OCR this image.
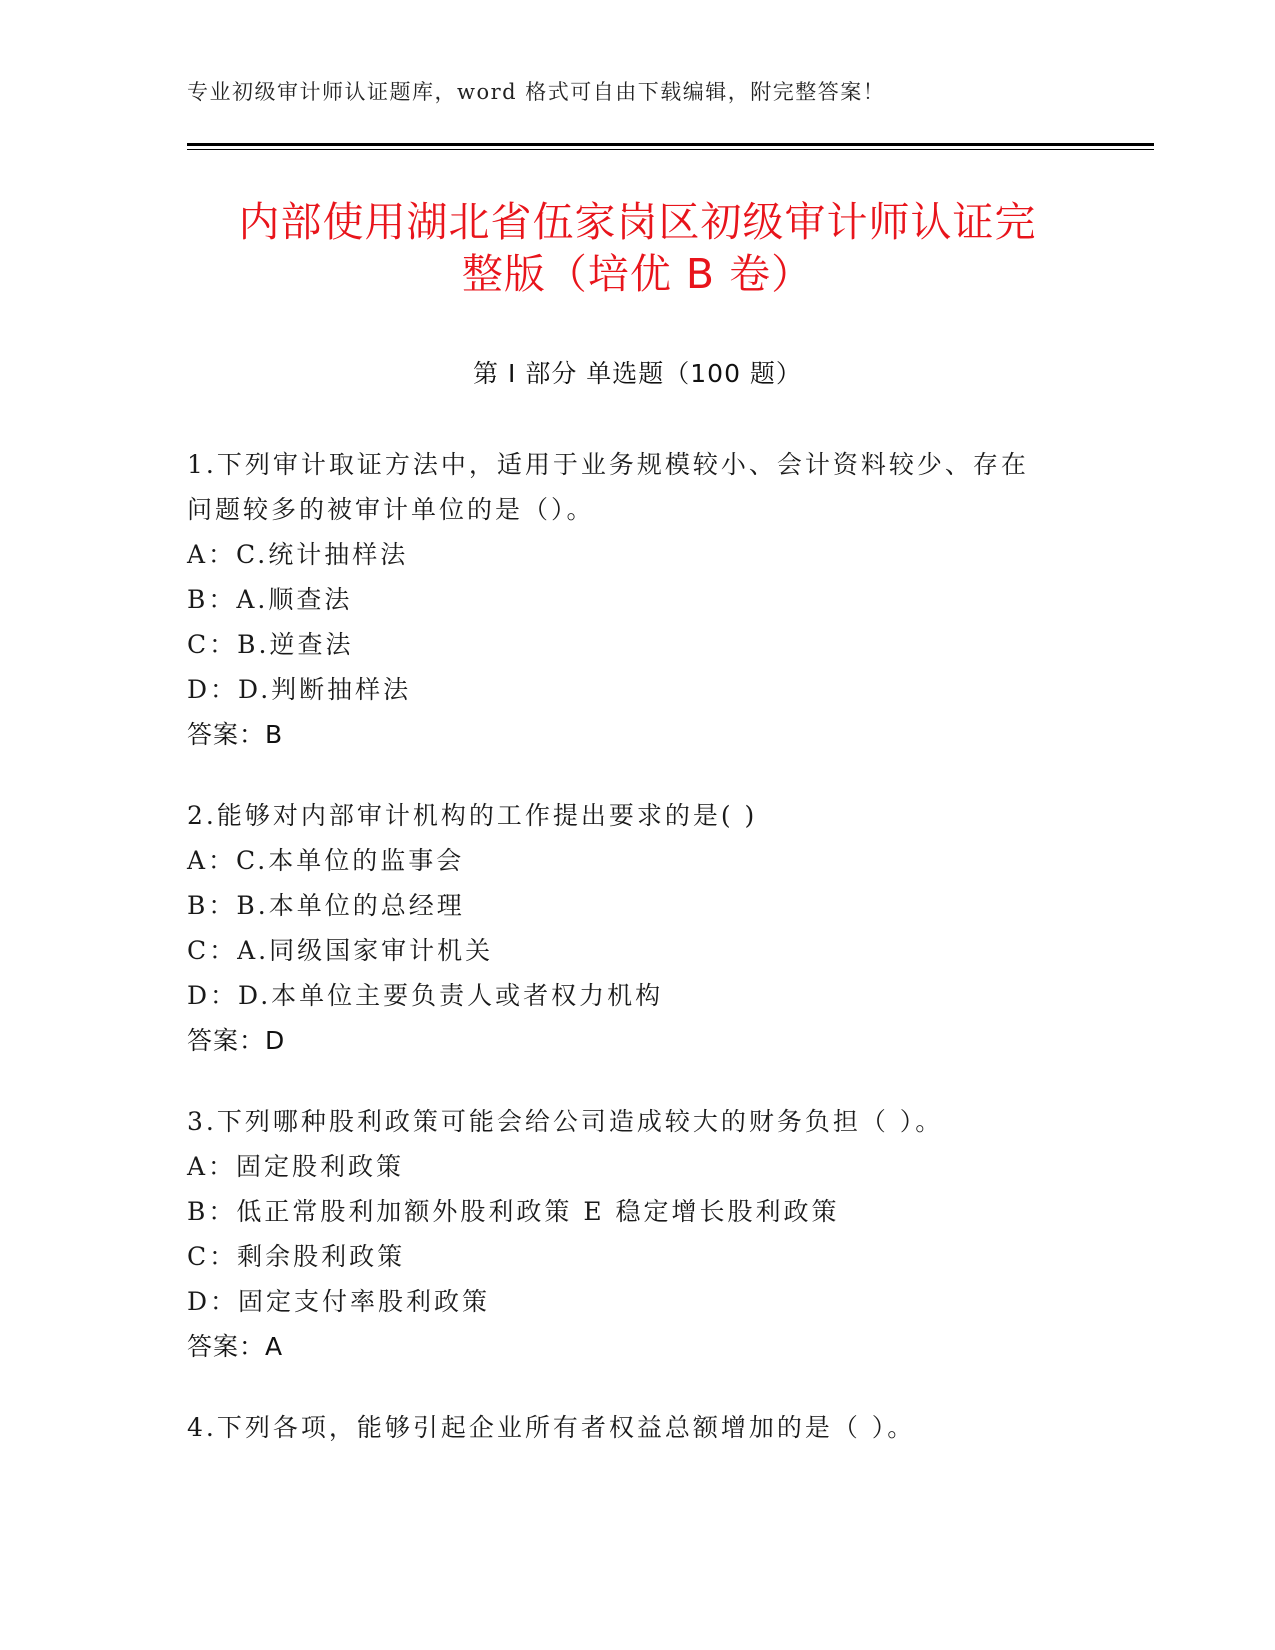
专业初级审计师认证题库，word 格式可自由下载编辑，附完整答案！
内部使用湖北省伍家岗区初级审计师认证完
整版（培优 B 卷）
第 I 部分 单选题（100 题）
1.下列审计取证方法中，适用于业务规模较小、会计资料较少、存在
问题较多的被审计单位的是（）。
A：C.统计抽样法
B：A.顺查法
C：B.逆查法
D：D.判断抽样法
答案：B
2.能够对内部审计机构的工作提出要求的是( )
A：C.本单位的监事会
B：B.本单位的总经理
C：A.同级国家审计机关
D：D.本单位主要负责人或者权力机构
答案：D
3.下列哪种股利政策可能会给公司造成较大的财务负担（ ）。
A：固定股利政策
B：低正常股利加额外股利政策 E 稳定增长股利政策
C：剩余股利政策
D：固定支付率股利政策
答案：A
4.下列各项，能够引起企业所有者权益总额增加的是（ ）。
